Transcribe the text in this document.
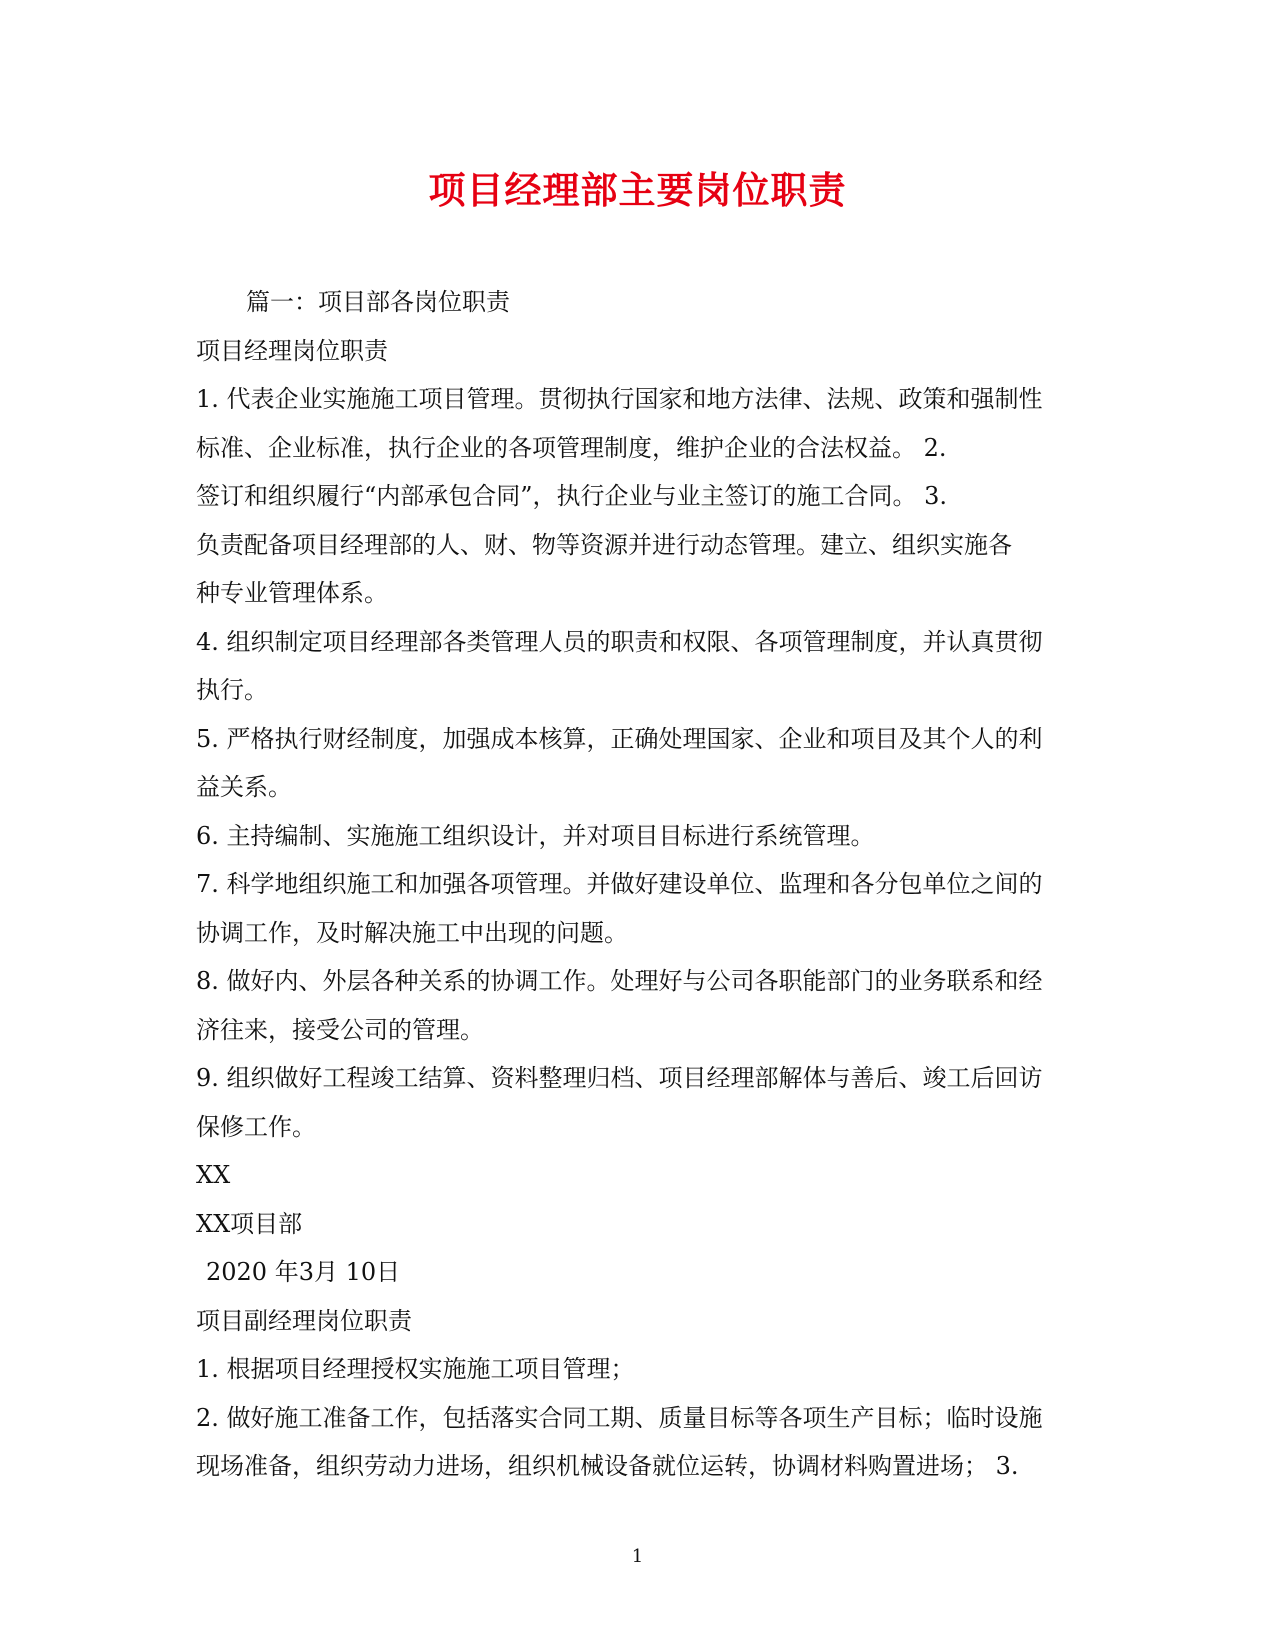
项目经理部主要岗位职责
篇一：项目部各岗位职责
项目经理岗位职责
1. 代表企业实施施工项目管理。贯彻执行国家和地方法律、法规、政策和强制性
标准、企业标准，执行企业的各项管理制度，维护企业的合法权益。 2.
签订和组织履行“内部承包合同”，执行企业与业主签订的施工合同。 3.
负责配备项目经理部的人、财、物等资源并进行动态管理。建立、组织实施各
种专业管理体系。
4. 组织制定项目经理部各类管理人员的职责和权限、各项管理制度，并认真贯彻
执行。
5. 严格执行财经制度，加强成本核算，正确处理国家、企业和项目及其个人的利
益关系。
6. 主持编制、实施施工组织设计，并对项目目标进行系统管理。
7. 科学地组织施工和加强各项管理。并做好建设单位、监理和各分包单位之间的
协调工作，及时解决施工中出现的问题。
8. 做好内、外层各种关系的协调工作。处理好与公司各职能部门的业务联系和经
济往来，接受公司的管理。
9. 组织做好工程竣工结算、资料整理归档、项目经理部解体与善后、竣工后回访
保修工作。
XX
XX项目部
2020 年3月 10日
项目副经理岗位职责
1. 根据项目经理授权实施施工项目管理；
2. 做好施工准备工作，包括落实合同工期、质量目标等各项生产目标；临时设施
现场准备，组织劳动力进场，组织机械设备就位运转，协调材料购置进场； 3.
1
